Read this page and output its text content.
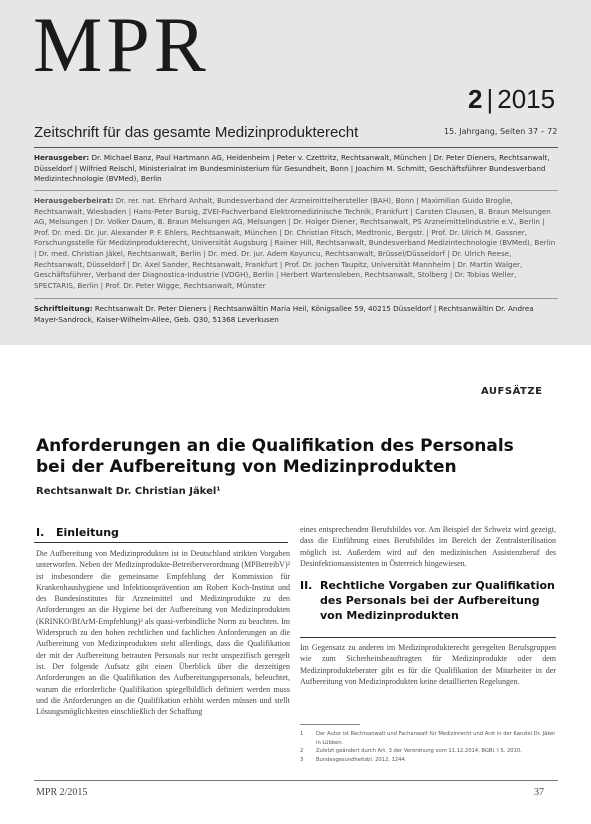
MPR
2 | 2015
Zeitschrift für das gesamte Medizinprodukterecht	15. Jahrgang, Seiten 37 – 72
Herausgeber: Dr. Michael Banz, Paul Hartmann AG, Heidenheim | Peter v. Czettritz, Rechtsanwalt, München | Dr. Peter Dieners, Rechtsanwalt, Düsseldorf | Wilfried Reischl, Ministerialrat im Bundesministerium für Gesundheit, Bonn | Joachim M. Schmitt, Geschäftsführer Bundesverband Medizintechnologie (BVMed), Berlin
Herausgeberbeirat: Dr. rer. nat. Ehrhard Anhalt, Bundesverband der Arzneimittelhersteller (BAH), Bonn | Maximilian Guido Broglie, Rechtsanwalt, Wiesbaden | Hans-Peter Bursig, ZVEI-Fachverband Elektromedizinische Technik, Frankfurt | Carsten Clausen, B. Braun Melsungen AG, Melsungen | Dr. Volker Daum, B. Braun Melsungen AG, Melsungen | Dr. Holger Diener, Rechtsanwalt, PS Arzneimittelindustrie e.V., Berlin | Prof. Dr. med. Dr. jur. Alexander P. F. Ehlers, Rechtsanwalt, München | Dr. Christian Fitsch, Medtronic, Bergstr. | Prof. Dr. Ulrich M. Gassner, Forschungsstelle für Medizinprodukterecht, Universität Augsburg | Rainer Hill, Rechtsanwalt, Bundesverband Medizintechnologie (BVMed), Berlin | Dr. med. Christian Jäkel, Rechtsanwalt, Berlin | Dr. med. Dr. jur. Adem Koyuncu, Rechtsanwalt, Brüssel/Düsseldorf | Dr. Ulrich Reese, Rechtsanwalt, Düsseldorf | Dr. Axel Sander, Rechtsanwalt, Frankfurt | Prof. Dr. Jochen Taupitz, Universität Mannheim | Dr. Martin Walger, Geschäftsführer, Verband der Diagnostica-Industrie (VDGH), Berlin | Herbert Wartensleben, Rechtsanwalt, Stolberg | Dr. Tobias Weller, SPECTARIS, Berlin | Prof. Dr. Peter Wigge, Rechtsanwalt, Münster
Schriftleitung: Rechtsanwalt Dr. Peter Dieners | Rechtsanwältin Maria Heil, Königsallee 59, 40215 Düsseldorf | Rechtsanwältin Dr. Andrea Mayer-Sandrock, Kaiser-Wilhelm-Allee, Geb. Q30, 51368 Leverkusen
AUFSÄTZE
Anforderungen an die Qualifikation des Personals bei der Aufbereitung von Medizinprodukten
Rechtsanwalt Dr. Christian Jäkel¹
I. Einleitung

Die Aufbereitung von Medizinprodukten ist in Deutschland strikten Vorgaben unterworfen. Neben der Medizinprodukte-Betreiberverordnung (MPBetreibV)² ist insbesondere die gemeinsame Empfehlung der Kommission für Krankenhaushygiene und Infektionsprävention am Robert Koch-Institut und des Bundesinstitutes für Arzneimittel und Medizinprodukte zu den Anforderungen an die Hygiene bei der Aufbereitung von Medizinprodukten (KRINKO/BfArM-Empfehlung)³ als quasi-verbindliche Norm zu beachten. Im Widerspruch zu den hohen rechtlichen und fachlichen Anforderungen an die Aufbereitung von Medizinprodukten steht allerdings, dass die Qualifikation der mit der Aufbereitung betrauten Personals nur recht unspezifisch geregelt ist. Der folgende Aufsatz gibt einen Überblick über die derzeitigen Anforderungen an die Qualifikation des Aufbereitungspersonals, beleuchtet, warum die erforderliche Qualifikation spiegelbildlich definiert werden muss und die Anforderungen an die Qualifikation erhöht werden müssen und stellt Lösungsmöglichkeiten einschließlich der Schaffung

eines entsprechenden Berufsbildes vor. Am Beispiel der Schweiz wird gezeigt, dass die Einführung eines Berufsbildes im Bereich der Zentralsterilisation möglich ist. Außerdem wird auf den medizinischen Assistenzberuf des Desinfektionsassistenten in Österreich hingewiesen.

II. Rechtliche Vorgaben zur Qualifikation des Personals bei der Aufbereitung von Medizinprodukten

Im Gegensatz zu anderen im Medizinprodukterecht geregelten Berufsgruppen wie zum Sicherheitsbeauftragten für Medizinprodukte oder dem Medizinprodukteberater gibt es für die Qualifikation der Mitarbeiter in der Aufbereitung von Medizinprodukten keine detaillierten Regelungen.

1	Der Autor ist Rechtsanwalt und Fachanwalt für Medizinrecht und Arzt in der Kanzlei Dr. Jäkel in Lübben.
2	Zuletzt geändert durch Art. 3 der Verordnung vom 11.12.2014, BGBl. I S. 2010.
3	Bundesgesundheitsbl. 2012, 1244.
MPR 2/2015	37
